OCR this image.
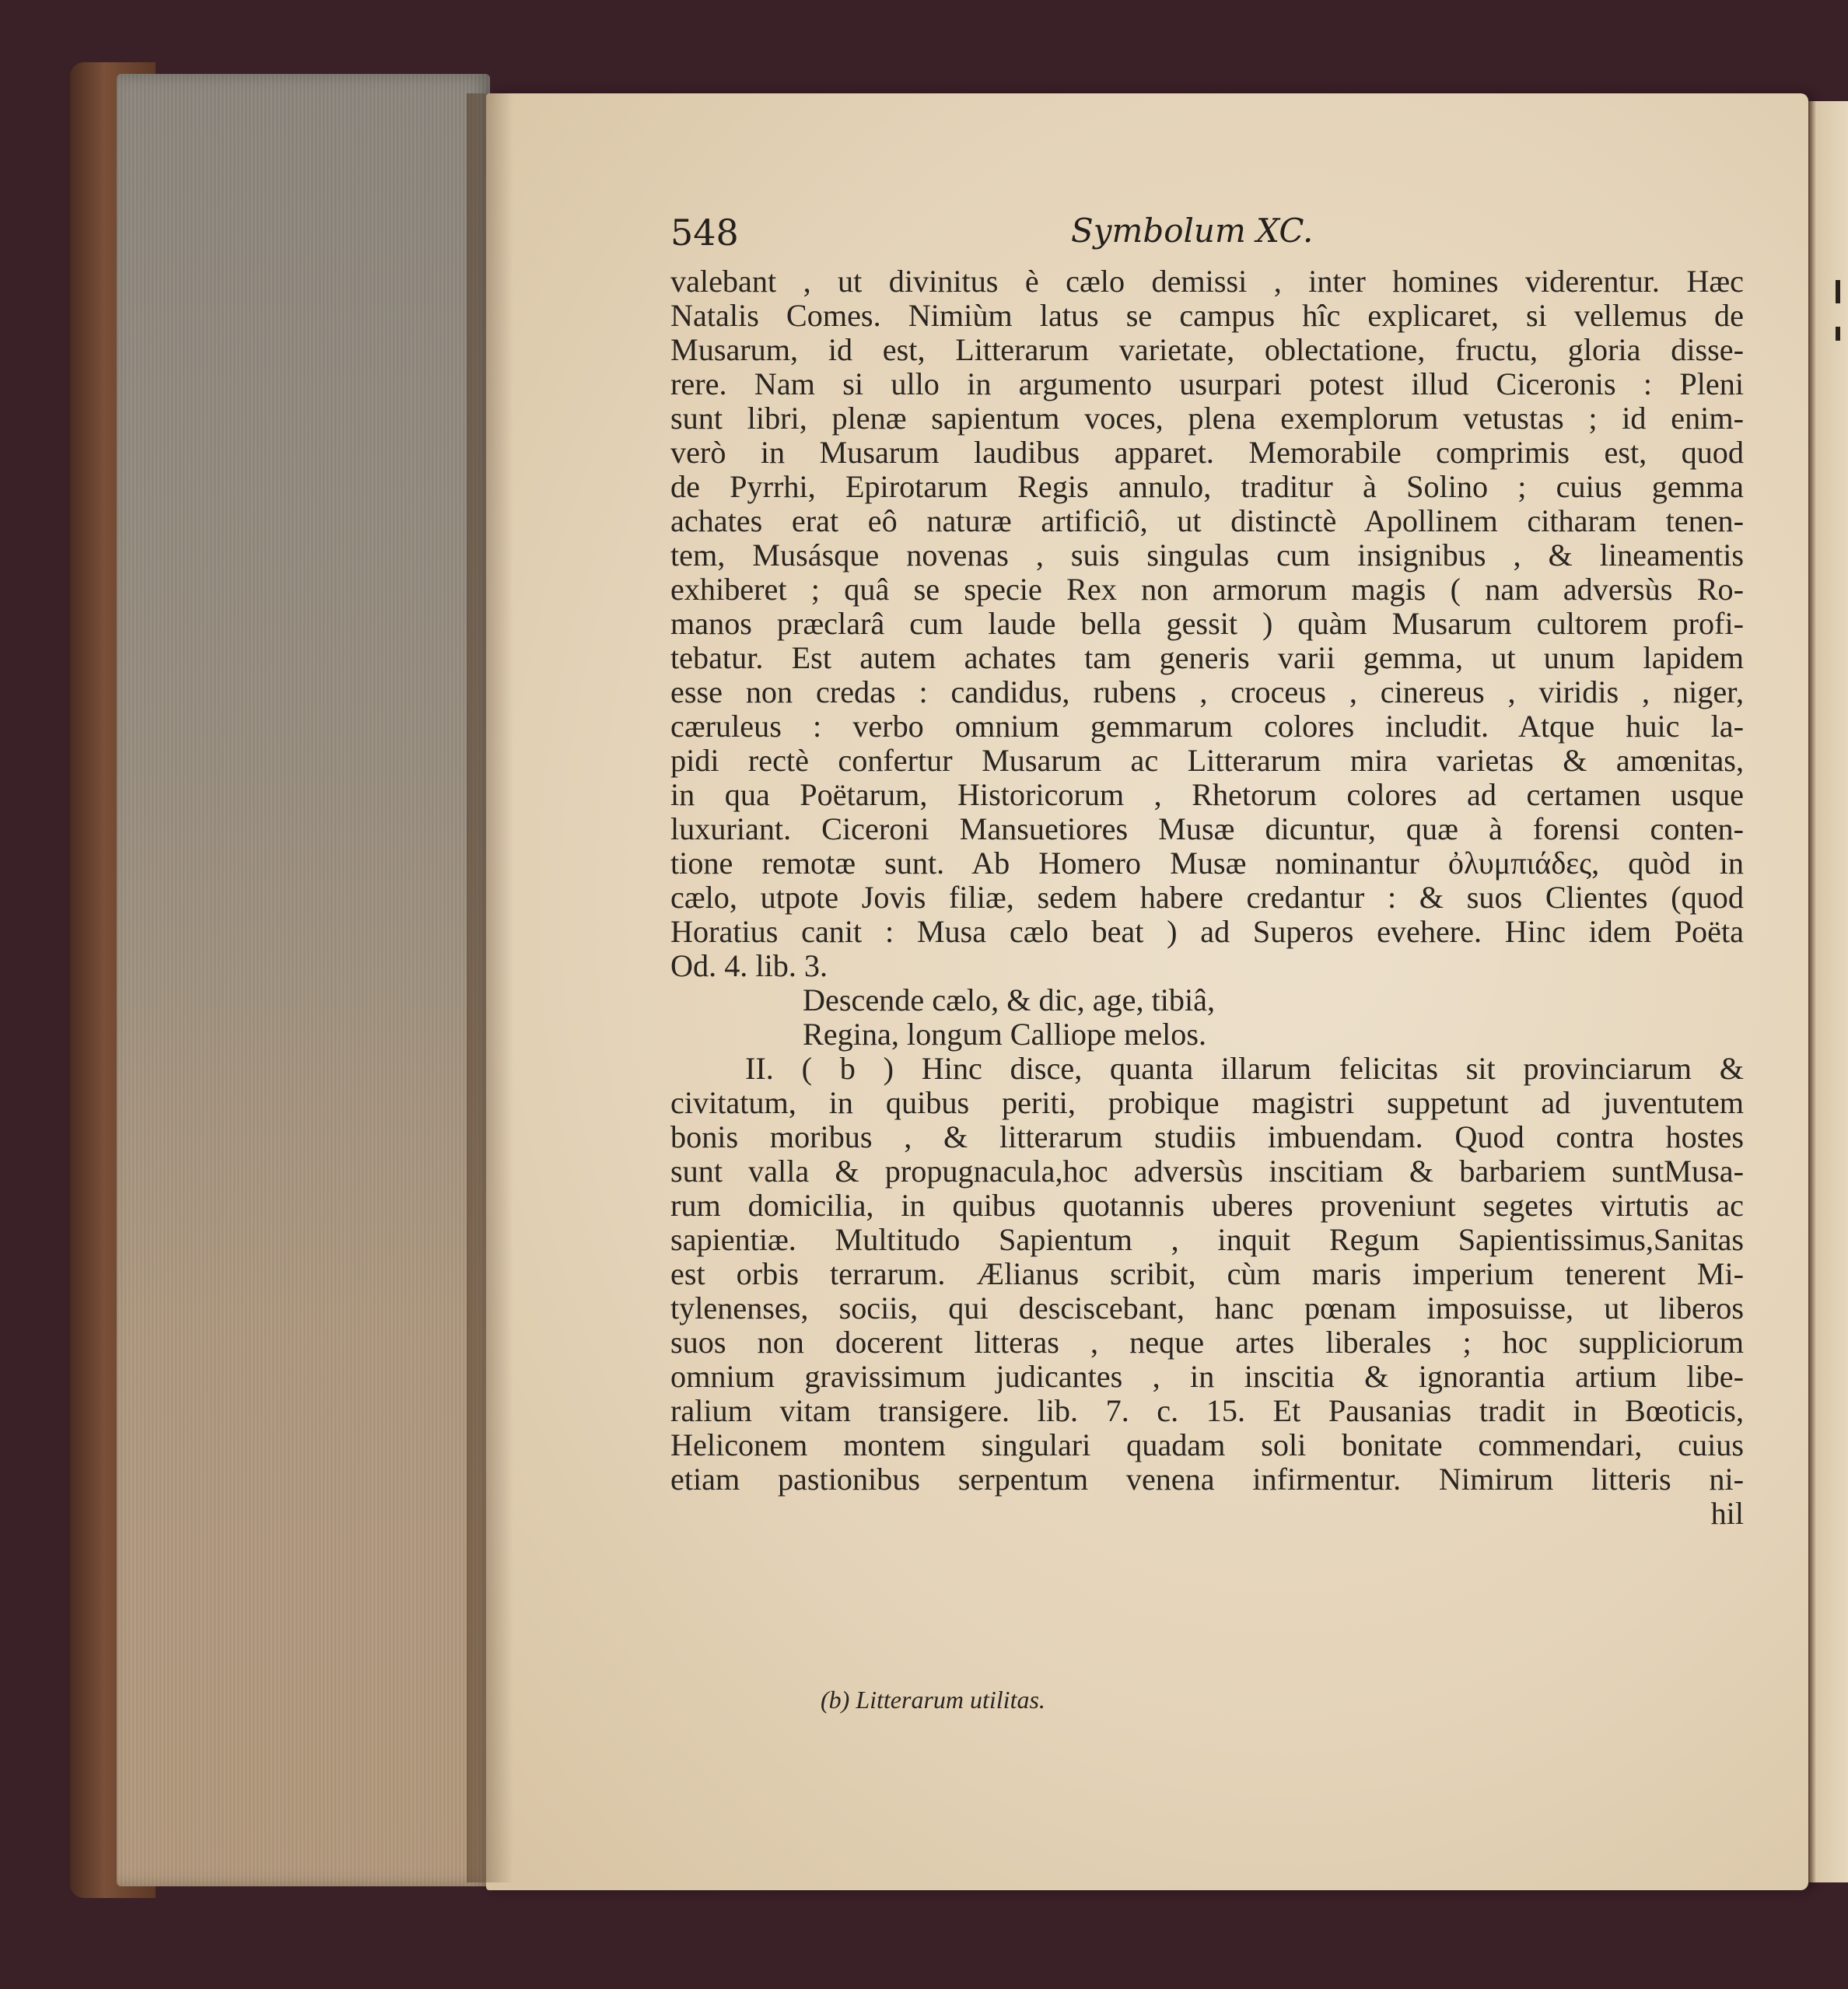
548	Symbolum XC.
valebant , ut divinitus è cælo demissi , inter homines viderentur. Hæc
Natalis Comes. Nimiùm latus se campus hîc explicaret, si vellemus de
Musarum, id est, Litterarum varietate, oblectatione, fructu, gloria disse-
rere. Nam si ullo in argumento usurpari potest illud Ciceronis : Pleni
sunt libri, plenæ sapientum voces, plena exemplorum vetustas ; id enim-
verò in Musarum laudibus apparet. Memorabile comprimis est, quod
de Pyrrhi, Epirotarum Regis annulo, traditur à Solino ; cuius gemma
achates erat eô naturæ artificiô, ut distinctè Apollinem citharam tenen-
tem, Musásque novenas , suis singulas cum insignibus , & lineamentis
exhiberet ; quâ se specie Rex non armorum magis ( nam adversùs Ro-
manos præclarâ cum laude bella gessit ) quàm Musarum cultorem profi-
tebatur. Est autem achates tam generis varii gemma, ut unum lapidem
esse non credas : candidus, rubens , croceus , cinereus , viridis , niger,
cæruleus : verbo omnium gemmarum colores includit. Atque huic la-
pidi rectè confertur Musarum ac Litterarum mira varietas & amœnitas,
in qua Poëtarum, Historicorum , Rhetorum colores ad certamen usque
luxuriant. Ciceroni Mansuetiores Musæ dicuntur, quæ à forensi conten-
tione remotæ sunt. Ab Homero Musæ nominantur ὀλυμπιάδες, quòd in
cælo, utpote Jovis filiæ, sedem habere credantur : & suos Clientes (quod
Horatius canit : Musa cælo beat ) ad Superos evehere. Hinc idem Poëta
Od. 4. lib. 3.
Descende cælo, & dic, age, tibiâ,
Regina, longum Calliope melos.
II. ( b ) Hinc disce, quanta illarum felicitas sit provinciarum &
civitatum, in quibus periti, probique magistri suppetunt ad juventutem
bonis moribus , & litterarum studiis imbuendam. Quod contra hostes
sunt valla & propugnacula,hoc adversùs inscitiam & barbariem suntMusa-
rum domicilia, in quibus quotannis uberes proveniunt segetes virtutis ac
sapientiæ. Multitudo Sapientum , inquit Regum Sapientissimus,Sanitas
est orbis terrarum. Ælianus scribit, cùm maris imperium tenerent Mi-
tylenenses, sociis, qui desciscebant, hanc pœnam imposuisse, ut liberos
suos non docerent litteras , neque artes liberales ; hoc suppliciorum
omnium gravissimum judicantes , in inscitia & ignorantia artium libe-
ralium vitam transigere. lib. 7. c. 15. Et Pausanias tradit in Bœoticis,
Heliconem montem singulari quadam soli bonitate commendari, cuius
etiam pastionibus serpentum venena infirmentur. Nimirum litteris ni-
hil
(b) Litterarum utilitas.
